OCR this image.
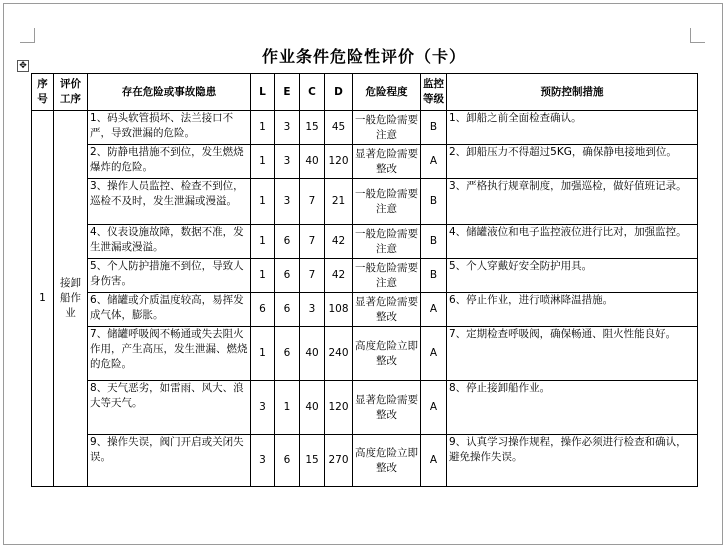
✥	作业条件危险性评价（卡）
序号	评价工序	存在危险或事故隐患	L	E	C	D	危险程度	监控等级	预防控制措施
1	接卸船作业	1、码头软管损坏、法兰接口不严，导致泄漏的危险。	1	3	15	45	一般危险需要注意	B	1、卸船之前全面检查确认。
		2、防静电措施不到位，发生燃烧爆炸的危险。	1	3	40	120	显著危险需要整改	A	2、卸船压力不得超过5KG，确保静电接地到位。
		3、操作人员监控、检查不到位，巡检不及时，发生泄漏或漫溢。	1	3	7	21	一般危险需要注意	B	3、严格执行规章制度，加强巡检，做好值班记录。
		4、仪表设施故障，数据不准，发生泄漏或漫溢。	1	6	7	42	一般危险需要注意	B	4、储罐液位和电子监控液位进行比对，加强监控。
		5、个人防护措施不到位，导致人身伤害。	1	6	7	42	一般危险需要注意	B	5、个人穿戴好安全防护用具。
		6、储罐或介质温度较高，易挥发成气体，膨胀。	6	6	3	108	显著危险需要整改	A	6、停止作业，进行喷淋降温措施。
		7、储罐呼吸阀不畅通或失去阻火作用，产生高压，发生泄漏、燃烧的危险。	1	6	40	240	高度危险立即整改	A	7、定期检查呼吸阀，确保畅通、阻火性能良好。
		8、天气恶劣，如雷雨、风大、浪大等天气。	3	1	40	120	显著危险需要整改	A	8、停止接卸船作业。
		9、操作失误，阀门开启或关闭失误。	3	6	15	270	高度危险立即整改	A	9、认真学习操作规程，操作必须进行检查和确认，避免操作失误。
